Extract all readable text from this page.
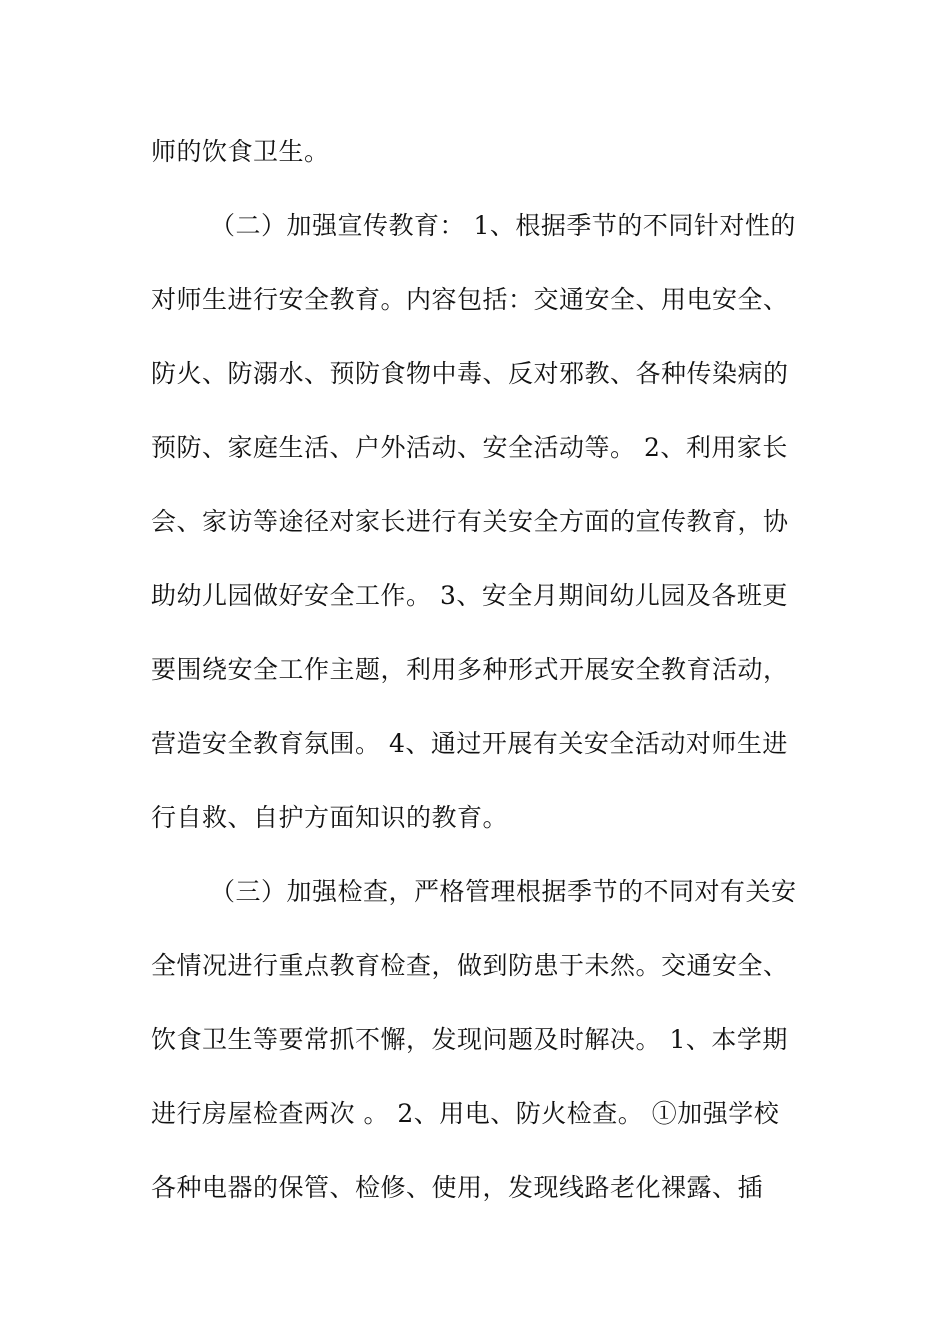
师的饮食卫生。
（二）加强宣传教育： 1、根据季节的不同针对性的
对师生进行安全教育。内容包括：交通安全、用电安全、
防火、防溺水、预防食物中毒、反对邪教、各种传染病的
预防、家庭生活、户外活动、安全活动等。 2、利用家长
会、家访等途径对家长进行有关安全方面的宣传教育，协
助幼儿园做好安全工作。 3、安全月期间幼儿园及各班更
要围绕安全工作主题，利用多种形式开展安全教育活动，
营造安全教育氛围。 4、通过开展有关安全活动对师生进
行自救、自护方面知识的教育。
（三）加强检查，严格管理根据季节的不同对有关安
全情况进行重点教育检查，做到防患于未然。交通安全、
饮食卫生等要常抓不懈，发现问题及时解决。 1、本学期
进行房屋检查两次 。 2、用电、防火检查。 ①加强学校
各种电器的保管、检修、使用，发现线路老化裸露、插
